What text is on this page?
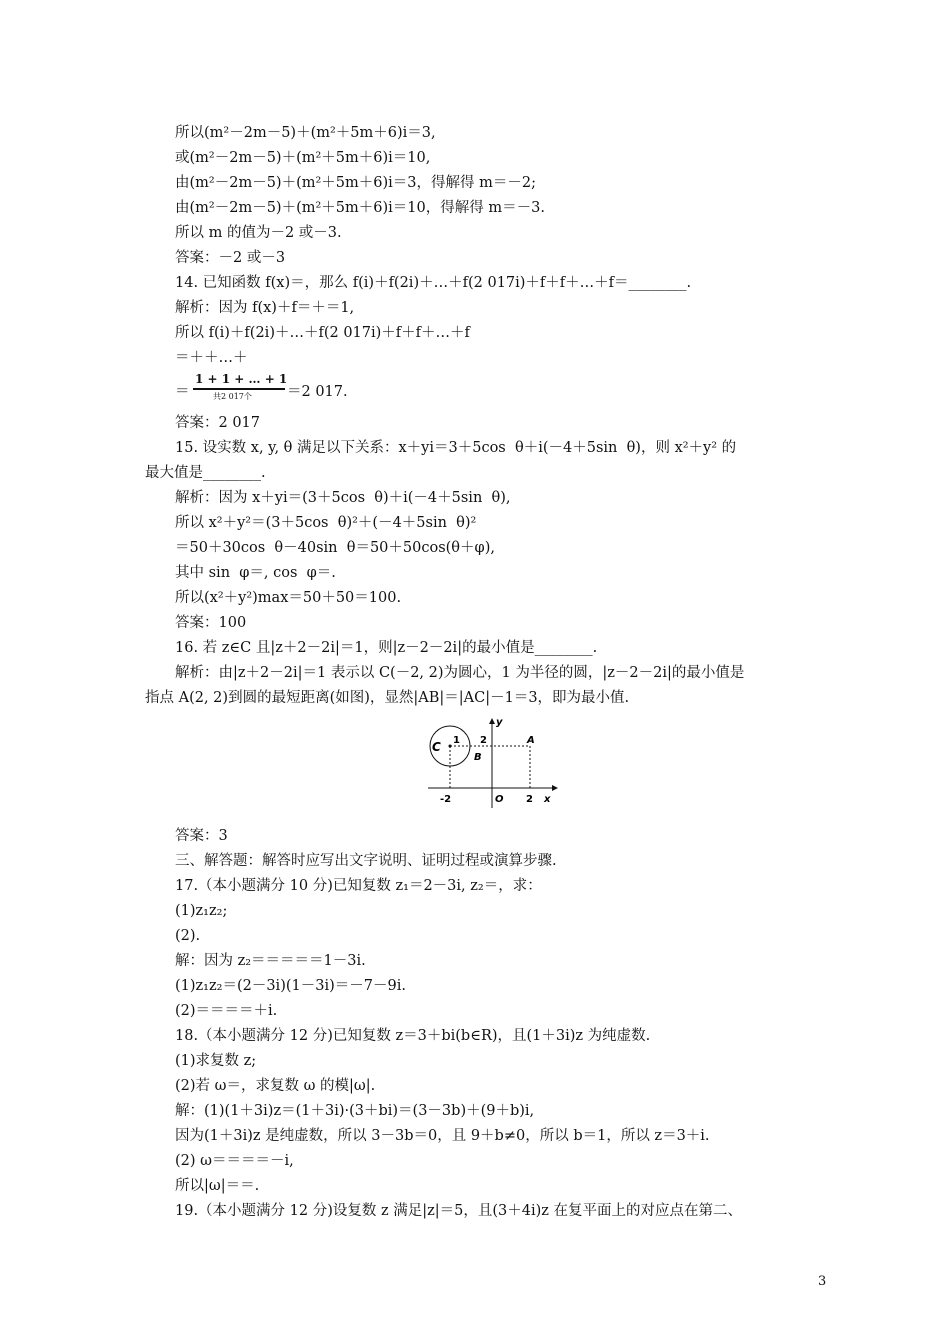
所以(m²－2m－5)＋(m²＋5m＋6)i＝3,
或(m²－2m－5)＋(m²＋5m＋6)i＝10,
由(m²－2m－5)＋(m²＋5m＋6)i＝3，得解得 m＝－2;
由(m²－2m－5)＋(m²＋5m＋6)i＝10，得解得 m＝－3.
所以 m 的值为－2 或－3.
答案：－2 或－3
14. 已知函数 f(x)＝，那么 f(i)＋f(2i)＋…＋f(2 017i)＋f＋f＋…＋f＝________.
解析：因为 f(x)＋f＝＋＝1,
所以 f(i)＋f(2i)＋…＋f(2 017i)＋f＋f＋…＋f
＝＋＋…＋
＝
1 + 1 + … + 1
共2 017个 ＝2 017.
答案：2 017
15. 设实数 x, y, θ 满足以下关系：x＋yi＝3＋5cos  θ＋i(－4＋5sin  θ)，则 x²＋y² 的
最大值是________.
解析：因为 x＋yi＝(3＋5cos  θ)＋i(－4＋5sin  θ),
所以 x²＋y²＝(3＋5cos  θ)²＋(－4＋5sin  θ)²
＝50＋30cos  θ－40sin  θ＝50＋50cos(θ＋φ),
其中 sin  φ＝, cos  φ＝.
所以(x²＋y²)max＝50＋50＝100.
答案：100
16. 若 z∈C 且|z＋2－2i|＝1，则|z－2－2i|的最小值是________.
解析：由|z＋2－2i|＝1 表示以 C(－2, 2)为圆心，1 为半径的圆，|z－2－2i|的最小值是
指点 A(2, 2)到圆的最短距离(如图)，显然|AB|＝|AC|－1＝3，即为最小值.
C 1 2	A
B
y
-2	O 2 x
答案：3
三、解答题：解答时应写出文字说明、证明过程或演算步骤.
17.（本小题满分 10 分)已知复数 z₁＝2－3i, z₂＝，求：
(1)z₁z₂;
(2).
解：因为 z₂＝＝＝＝＝1－3i.
(1)z₁z₂＝(2－3i)(1－3i)＝－7－9i.
(2)＝＝＝＝＋i.
18.（本小题满分 12 分)已知复数 z＝3＋bi(b∈R)，且(1＋3i)z 为纯虚数.
(1)求复数 z;
(2)若 ω＝，求复数 ω 的模|ω|.
解：(1)(1＋3i)z＝(1＋3i)·(3＋bi)＝(3－3b)＋(9＋b)i,
因为(1＋3i)z 是纯虚数，所以 3－3b＝0，且 9＋b≠0，所以 b＝1，所以 z＝3＋i.
(2) ω＝＝＝＝－i,
所以|ω|＝＝.
19.（本小题满分 12 分)设复数 z 满足|z|＝5，且(3＋4i)z 在复平面上的对应点在第二、
3
